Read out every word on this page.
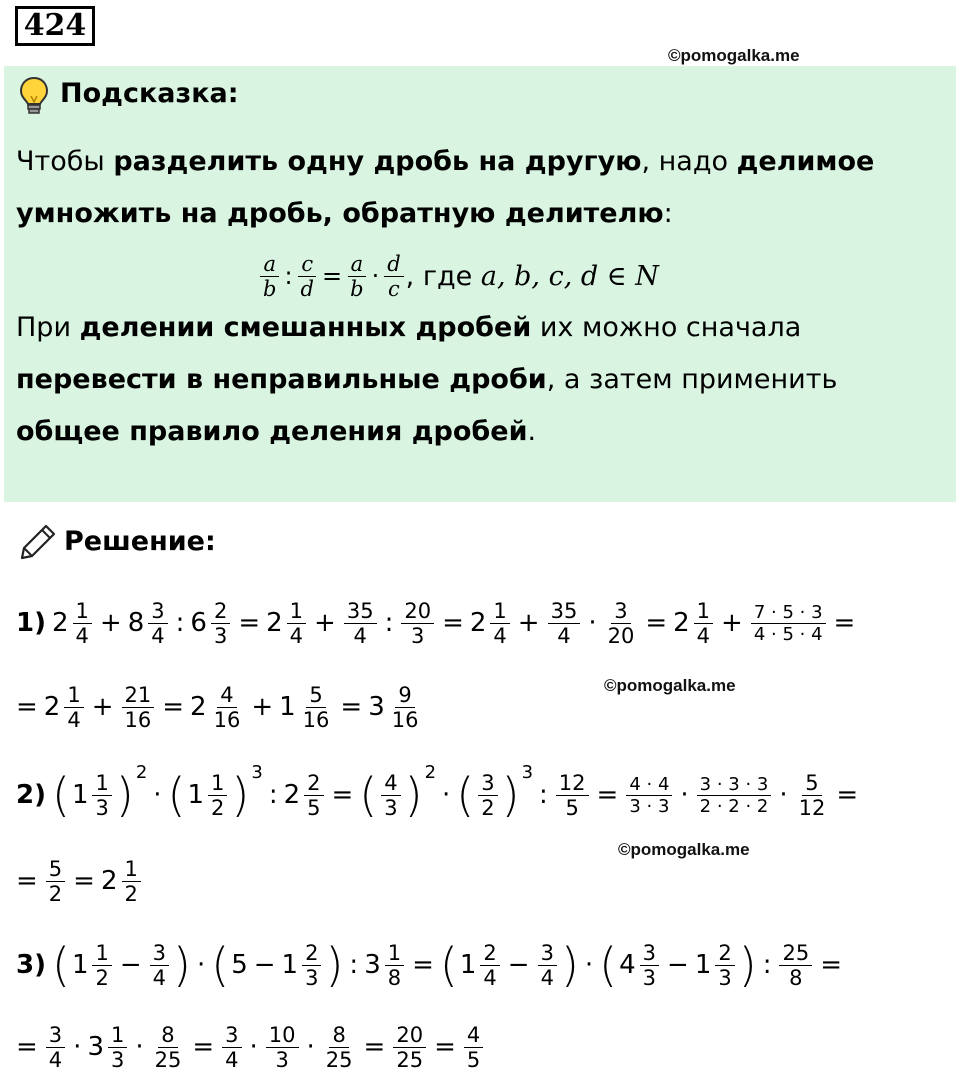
424
©pomogalka.me
Подсказка:
Чтобы разделить одну дробь на другую, надо делимое
умножить на дробь, обратную делителю:
$\frac{a}{b}$ : $\frac{c}{d} = \frac{a}{b} \cdot \frac{d}{c}$ , где a, b, c, d ∈ N
При делении смешанных дробей их можно сначала
перевести в неправильные дроби, а затем применить
общее правило деления дробей.
Решение:
1) $2 \frac{1}{4} + 8 \frac{3}{4}$ : $6 \frac{2}{3} = 2 \frac{1}{4} + \frac{35}{4}$ : $\frac{20}{3} = 2 \frac{1}{4} + \frac{35}{4} \cdot \frac{3}{20} = 2 \frac{1}{4} + \frac{7 \cdot 5 \cdot 3}{4 \cdot 5 \cdot 4}$ =
= $2 \frac{1}{4} + \frac{21}{16} = 2 \frac{4}{16} + 1 \frac{5}{16} = 3 \frac{9}{16}$	©pomogalka.me
2) ( $1 \frac{1}{3}$ ) 2
· ( $1 \frac{1}{2}$ ) 3
: $2 \frac{2}{5}$ = ( $\frac{4}{3}$ ) 2
· ( $\frac{3}{2}$ ) 3
: $\frac{12}{5} = \frac{4 \cdot 4}{3 \cdot 3} \cdot \frac{3 \cdot 3 \cdot 3}{2 \cdot 2 \cdot 2} \cdot \frac{5}{12}$ =
= $\frac{5}{2} = 2 \frac{1}{2}$
©pomogalka.me
3) ( $1 \frac{1}{2} - \frac{3}{4}$ ) · ( $5 - 1 \frac{2}{3}$ ) : $3 \frac{1}{8}$ = ( $1 \frac{2}{4} - \frac{3}{4}$ ) · ( $4 \frac{3}{3} - 1 \frac{2}{3}$ ) : $\frac{25}{8}$ =
= $\frac{3}{4} \cdot 3 \frac{1}{3} \cdot \frac{8}{25} = \frac{3}{4} \cdot \frac{10}{3} \cdot \frac{8}{25} = \frac{20}{25} = \frac{4}{5}$
